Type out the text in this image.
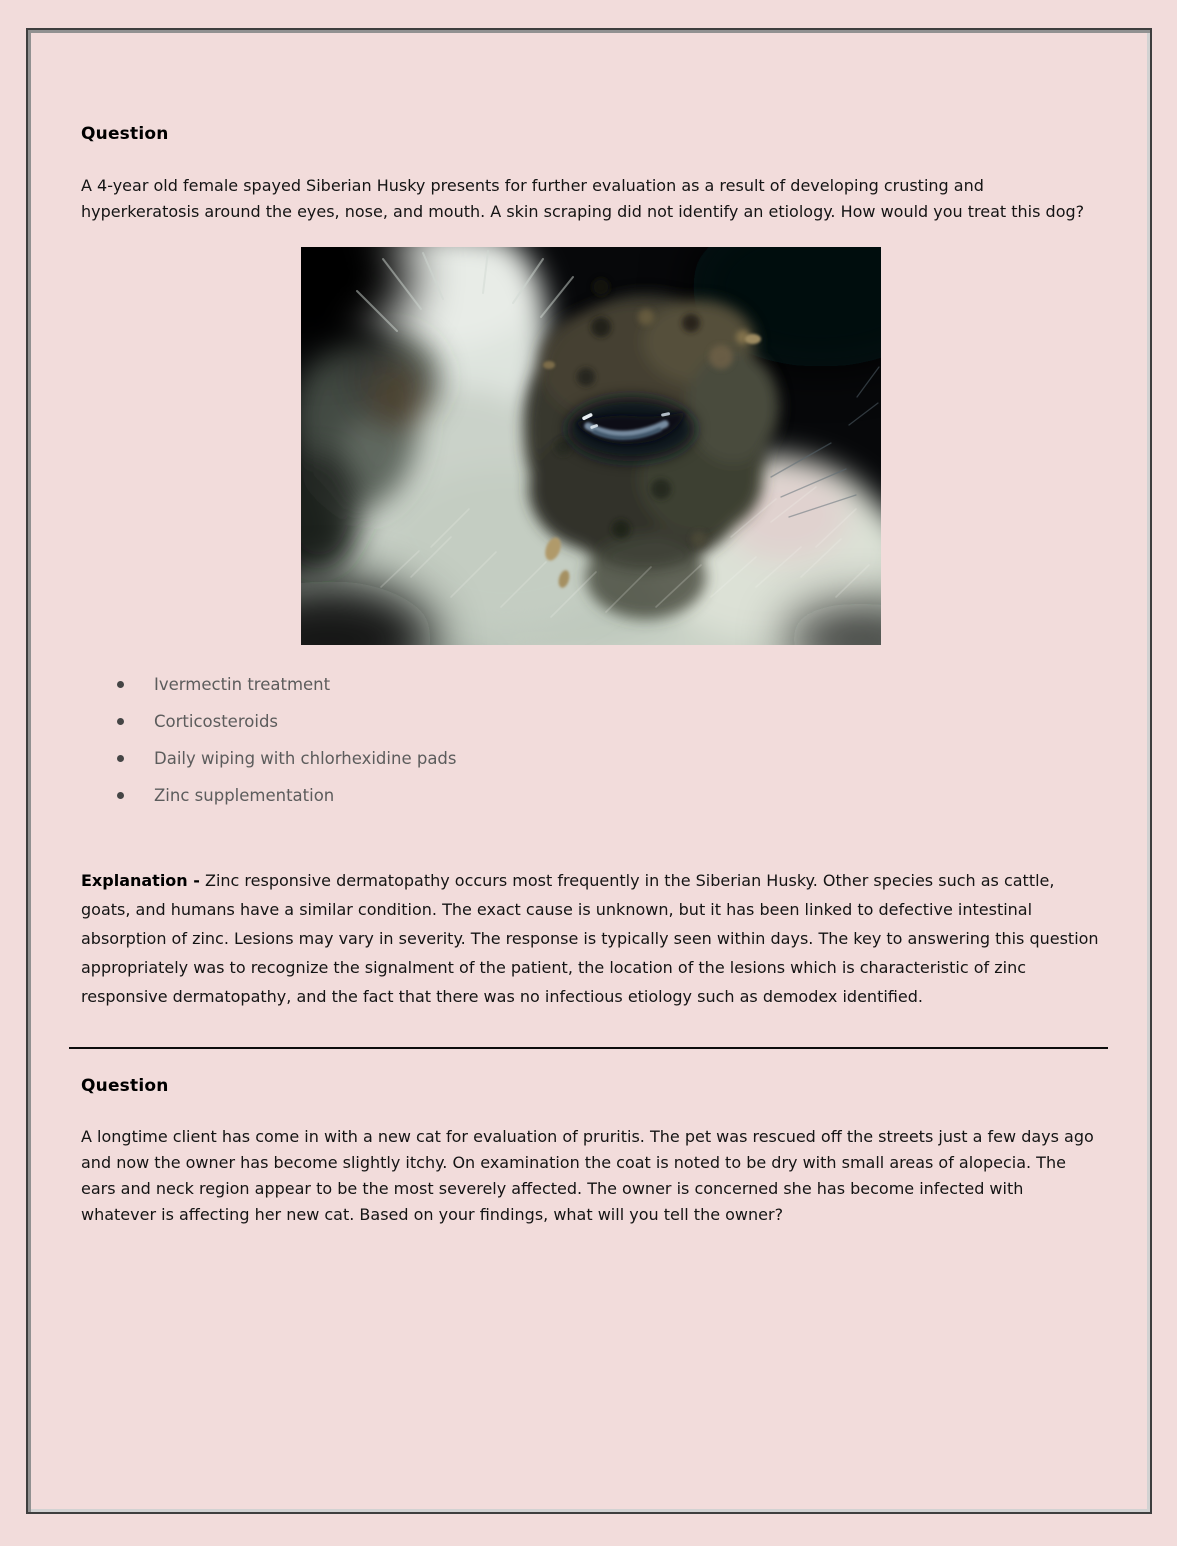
Question

A 4-year old female spayed Siberian Husky presents for further evaluation as a result of developing crusting and hyperkeratosis around the eyes, nose, and mouth. A skin scraping did not identify an etiology. How would you treat this dog?

Ivermectin treatment
Corticosteroids
Daily wiping with chlorhexidine pads
Zinc supplementation

Explanation - Zinc responsive dermatopathy occurs most frequently in the Siberian Husky. Other species such as cattle, goats, and humans have a similar condition. The exact cause is unknown, but it has been linked to defective intestinal absorption of zinc. Lesions may vary in severity. The response is typically seen within days. The key to answering this question appropriately was to recognize the signalment of the patient, the location of the lesions which is characteristic of zinc responsive dermatopathy, and the fact that there was no infectious etiology such as demodex identified.

Question

A longtime client has come in with a new cat for evaluation of pruritis. The pet was rescued off the streets just a few days ago and now the owner has become slightly itchy. On examination the coat is noted to be dry with small areas of alopecia. The ears and neck region appear to be the most severely affected. The owner is concerned she has become infected with whatever is affecting her new cat. Based on your findings, what will you tell the owner?
